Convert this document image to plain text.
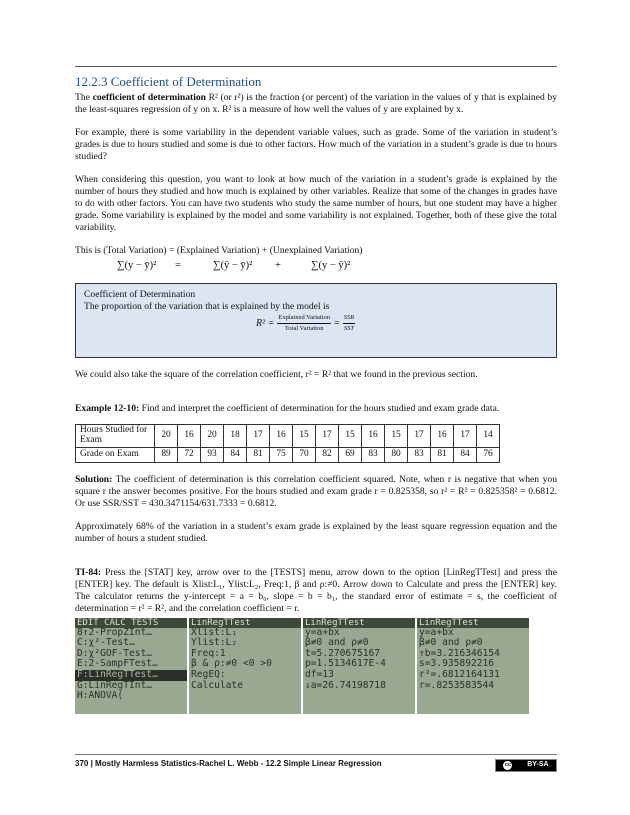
12.2.3 Coefficient of Determination

The coefficient of determination R² (or r²) is the fraction (or percent) of the variation in the values of y that is explained by the least-squares regression of y on x. R² is a measure of how well the values of y are explained by x.

For example, there is some variability in the dependent variable values, such as grade. Some of the variation in student’s grades is due to hours studied and some is due to other factors. How much of the variation in a student’s grade is due to hours studied?

When considering this question, you want to look at how much of the variation in a student’s grade is explained by the number of hours they studied and how much is explained by other variables. Realize that some of the changes in grades have to do with other factors. You can have two students who study the same number of hours, but one student may have a higher grade. Some variability is explained by the model and some variability is not explained. Together, both of these give the total variability.

This is (Total Variation) = (Explained Variation) + (Unexplained Variation)

∑(y − ȳ)²	=	∑(ŷ − ȳ)²	+	∑(y − ŷ)²
Coefficient of Determination
The proportion of the variation that is explained by the model is
$R^2 = \frac{\text{Explained Variation}}{\text{Total Variation}} = \frac{\text{SSR}}{\text{SST}}$

We could also take the square of the correlation coefficient, r² = R² that we found in the previous section.

Example 12-10: Find and interpret the coefficient of determination for the hours studied and exam grade data.

Hours Studied for Exam	20	16	20	18	17	16	15	17	15	16	15	17	16	17	14
Grade on Exam	89	72	93	84	81	75	70	82	69	83	80	83	81	84	76

Solution: The coefficient of determination is this correlation coefficient squared. Note, when r is negative that when you square r the answer becomes positive. For the hours studied and exam grade r = 0.825358, so r² = R² = 0.825358² = 0.6812. Or use SSR/SST = 430.3471154/631.7333 = 0.6812.

Approximately 68% of the variation in a student’s exam grade is explained by the least square regression equation and the number of hours a student studied.

TI-84: Press the [STAT] key, arrow over to the [TESTS] menu, arrow down to the option [LinRegTTest] and press the [ENTER] key. The default is Xlist:L₁, Ylist:L₂, Freq:1, β and ρ:≠0. Arrow down to Calculate and press the [ENTER] key. The calculator returns the y-intercept = a = b₀, slope = b = b₁, the standard error of estimate = s, the coefficient of determination = r² = R², and the correlation coefficient = r.

EDIT CALC TESTS
8↑2-PropZInt…
C:χ²-Test…
D:χ²GOF-Test…
E:2-SampFTest…
F:LinRegTTest…
G:LinRegTInt…
H:ANOVA(
LinRegTTest
Xlist:L₁
Ylist:L₂
Freq:1
β & ρ:≠0 <0 >0
RegEQ:
Calculate
LinRegTTest
y=a+bx
β≠0 and ρ≠0
t=5.270675167
p=1.5134617E-4
df=13
↓a=26.74198718
LinRegTTest
y=a+bx
β≠0 and ρ≠0
↑b=3.216346154
s=3.935892216
r²=.6812164131
r=.8253583544
370 | Mostly Harmless Statistics-Rachel L. Webb - 12.2 Simple Linear Regression	cc BY-SA
